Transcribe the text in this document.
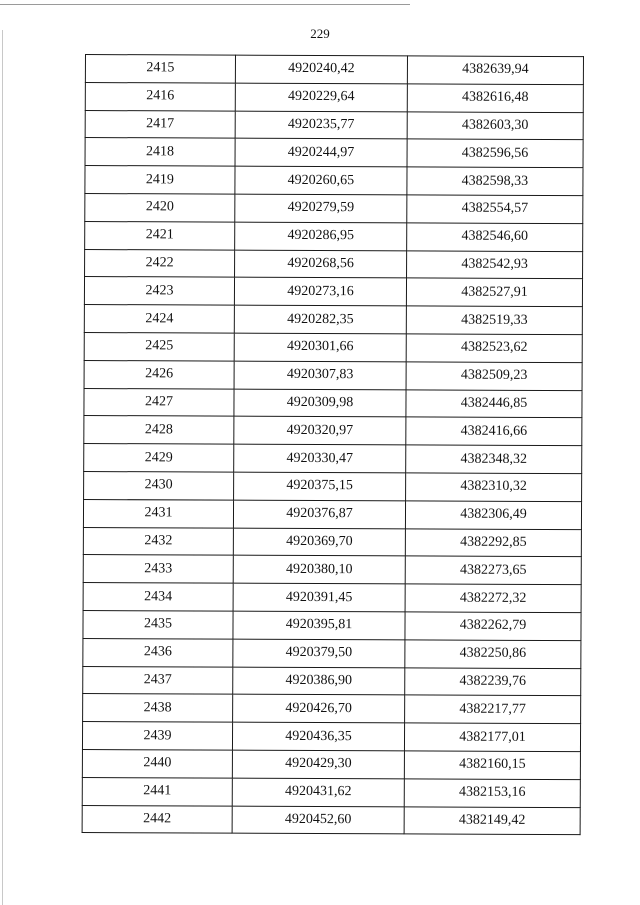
229
2415	4920240,42	4382639,94
2416	4920229,64	4382616,48
2417	4920235,77	4382603,30
2418	4920244,97	4382596,56
2419	4920260,65	4382598,33
2420	4920279,59	4382554,57
2421	4920286,95	4382546,60
2422	4920268,56	4382542,93
2423	4920273,16	4382527,91
2424	4920282,35	4382519,33
2425	4920301,66	4382523,62
2426	4920307,83	4382509,23
2427	4920309,98	4382446,85
2428	4920320,97	4382416,66
2429	4920330,47	4382348,32
2430	4920375,15	4382310,32
2431	4920376,87	4382306,49
2432	4920369,70	4382292,85
2433	4920380,10	4382273,65
2434	4920391,45	4382272,32
2435	4920395,81	4382262,79
2436	4920379,50	4382250,86
2437	4920386,90	4382239,76
2438	4920426,70	4382217,77
2439	4920436,35	4382177,01
2440	4920429,30	4382160,15
2441	4920431,62	4382153,16
2442	4920452,60	4382149,42
